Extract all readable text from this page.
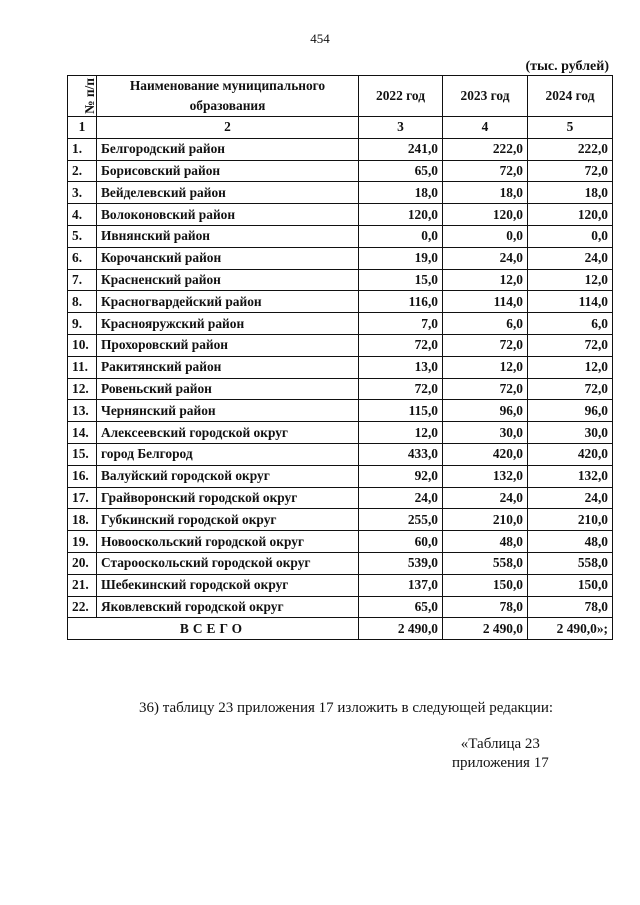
454
(тыс. рублей)
№ п/п	Наименование муниципального образования	2022 год	2023 год	2024 год
1	2	3	4	5
1.	Белгородский район	241,0	222,0	222,0
2.	Борисовский район	65,0	72,0	72,0
3.	Вейделевский район	18,0	18,0	18,0
4.	Волоконовский район	120,0	120,0	120,0
5.	Ивнянский район	0,0	0,0	0,0
6.	Корочанский район	19,0	24,0	24,0
7.	Красненский район	15,0	12,0	12,0
8.	Красногвардейский район	116,0	114,0	114,0
9.	Краснояружский район	7,0	6,0	6,0
10.	Прохоровский район	72,0	72,0	72,0
11.	Ракитянский район	13,0	12,0	12,0
12.	Ровеньский район	72,0	72,0	72,0
13.	Чернянский район	115,0	96,0	96,0
14.	Алексеевский городской округ	12,0	30,0	30,0
15.	город Белгород	433,0	420,0	420,0
16.	Валуйский городской округ	92,0	132,0	132,0
17.	Грайворонский городской округ	24,0	24,0	24,0
18.	Губкинский городской округ	255,0	210,0	210,0
19.	Новооскольский городской округ	60,0	48,0	48,0
20.	Старооскольский городской округ	539,0	558,0	558,0
21.	Шебекинский городской округ	137,0	150,0	150,0
22.	Яковлевский городской округ	65,0	78,0	78,0
ВСЕГО		2 490,0	2 490,0	2 490,0»;
36) таблицу 23 приложения 17 изложить в следующей редакции:
«Таблица 23
приложения 17
